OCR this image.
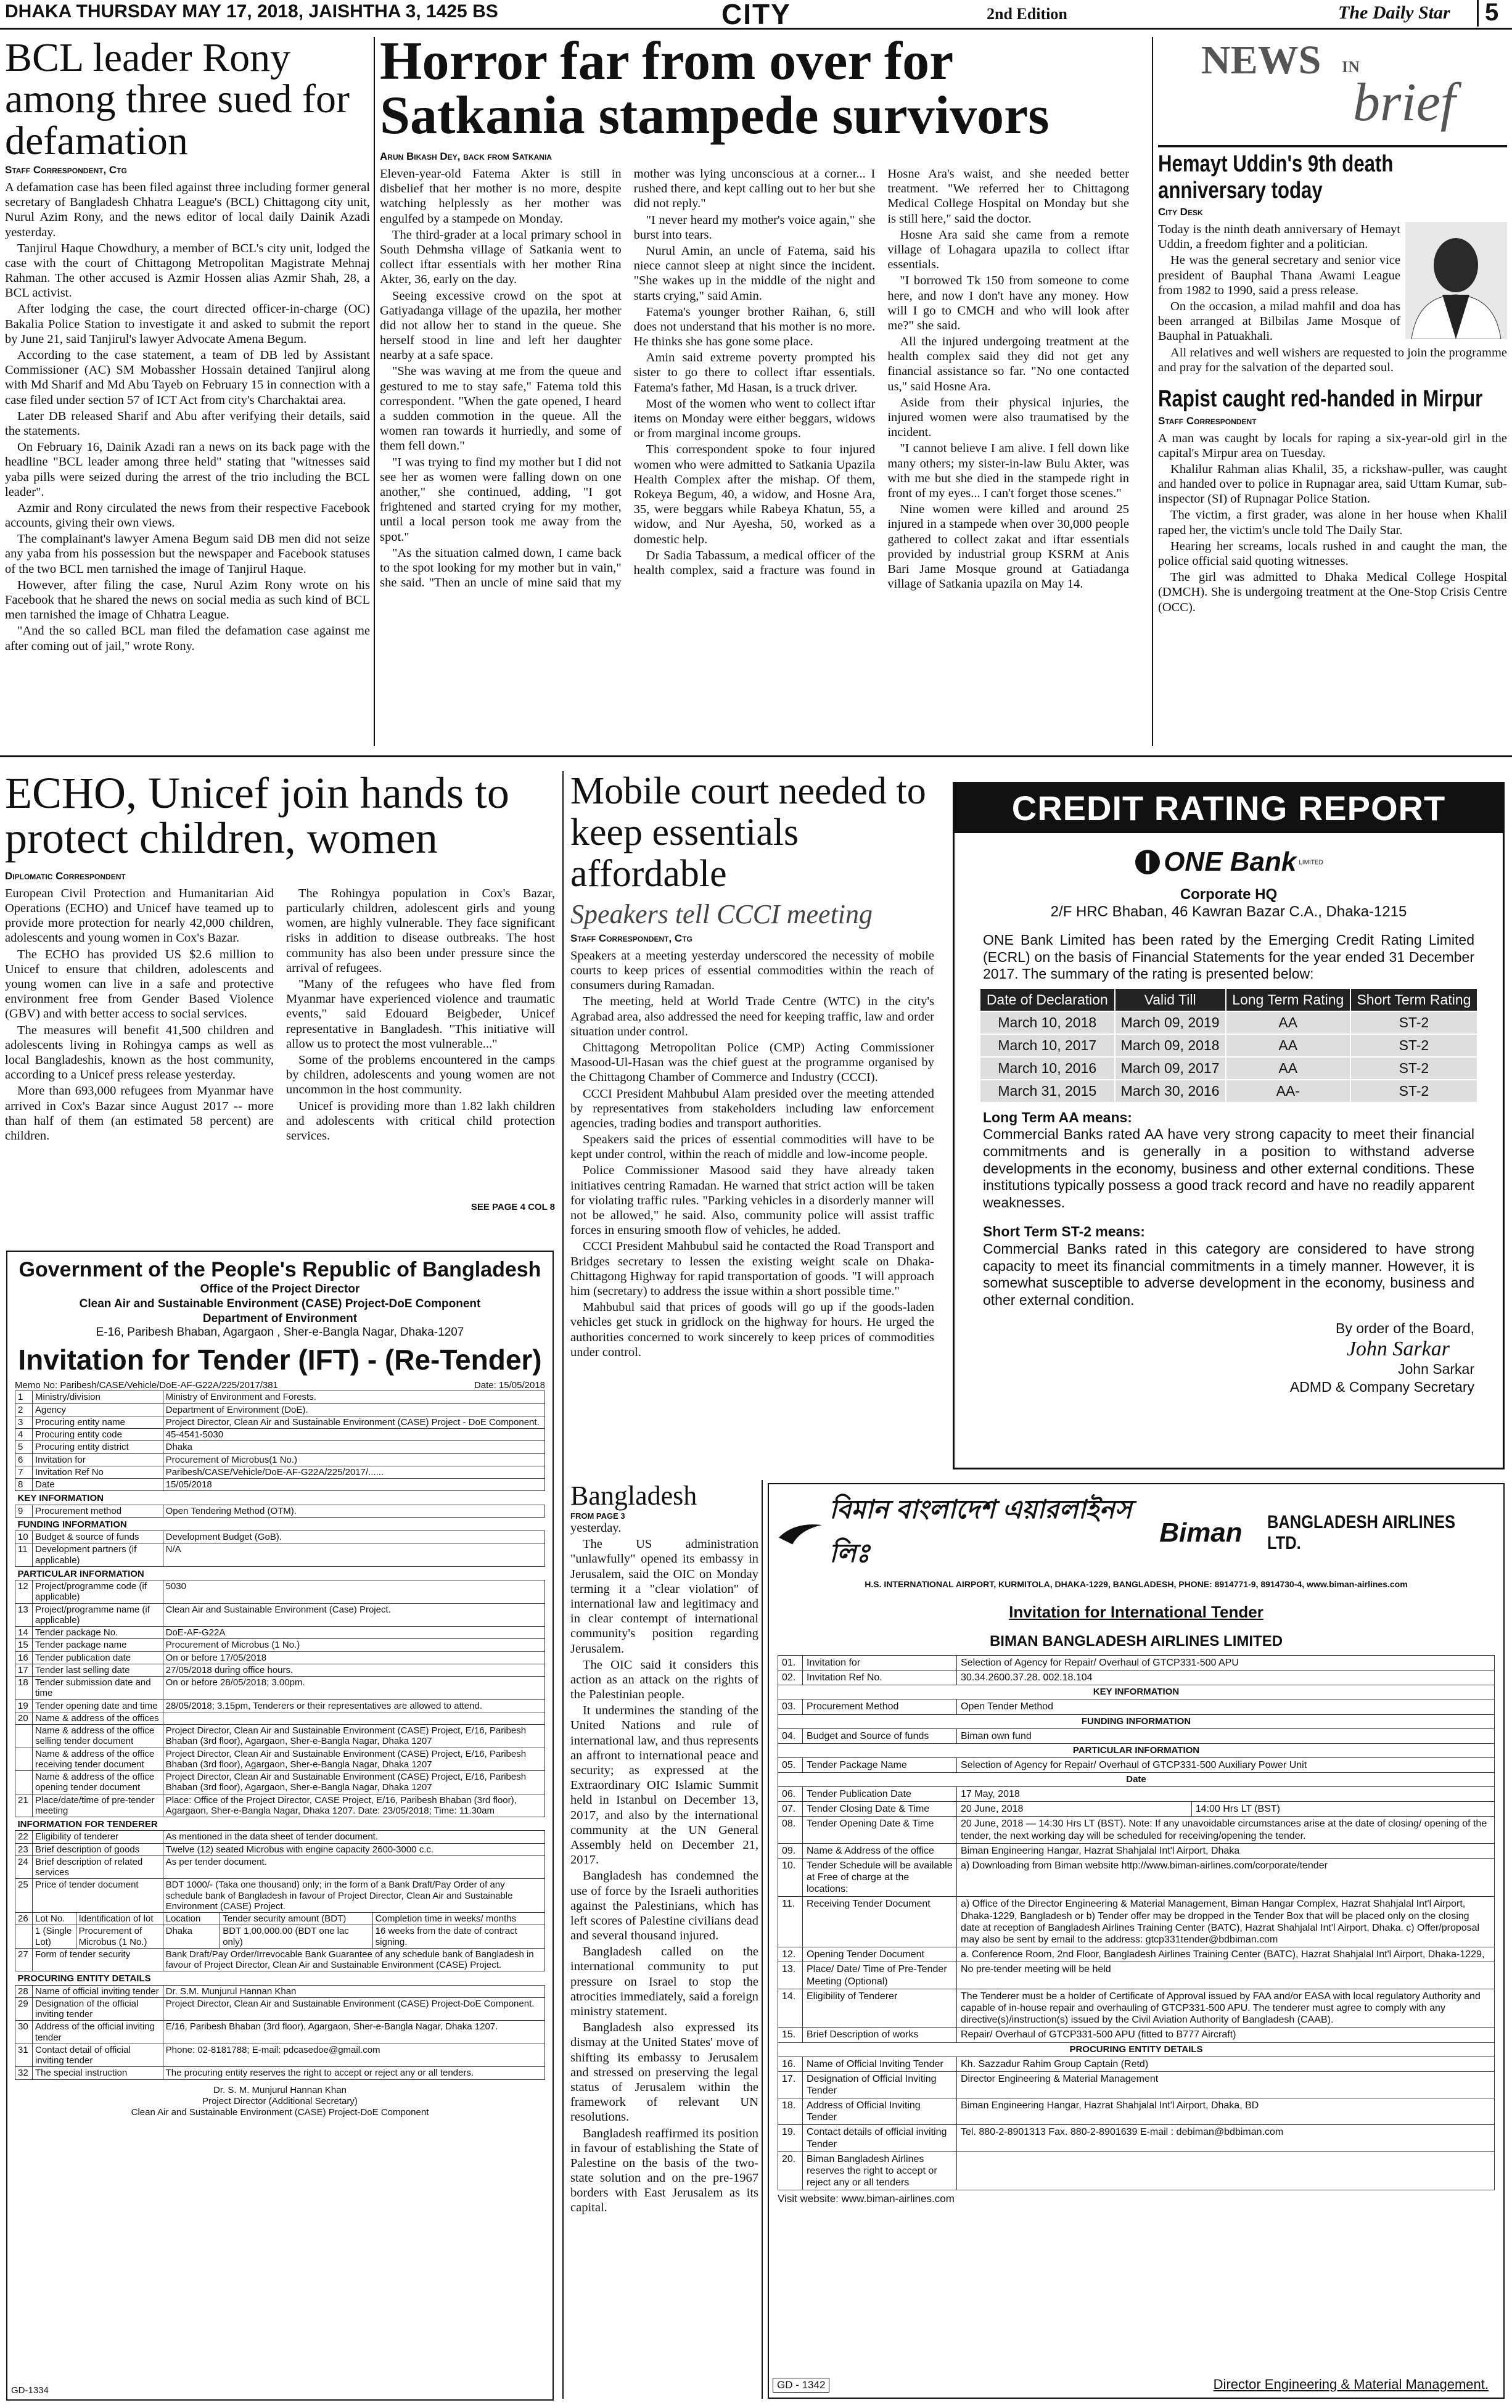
DHAKA THURSDAY MAY 17, 2018, JAISHTHA 3, 1425 BS	CITY	2nd Edition	The Daily Star	5
BCL leader Rony among three sued for defamation
Staff Correspondent, Ctg

A defamation case has been filed against three including former general secretary of Bangladesh Chhatra League's (BCL) Chittagong city unit, Nurul Azim Rony, and the news editor of local daily Dainik Azadi yesterday.

Tanjirul Haque Chowdhury, a member of BCL's city unit, lodged the case with the court of Chittagong Metropolitan Magistrate Mehnaj Rahman. The other accused is Azmir Hossen alias Azmir Shah, 28, a BCL activist.

After lodging the case, the court directed officer-in-charge (OC) Bakalia Police Station to investigate it and asked to submit the report by June 21, said Tanjirul's lawyer Advocate Amena Begum.

According to the case statement, a team of DB led by Assistant Commissioner (AC) SM Mobassher Hossain detained Tanjirul along with Md Sharif and Md Abu Tayeb on February 15 in connection with a case filed under section 57 of ICT Act from city's Charchaktai area.

Later DB released Sharif and Abu after verifying their details, said the statements.

On February 16, Dainik Azadi ran a news on its back page with the headline "BCL leader among three held" stating that "witnesses said yaba pills were seized during the arrest of the trio including the BCL leader".

Azmir and Rony circulated the news from their respective Facebook accounts, giving their own views.

The complainant's lawyer Amena Begum said DB men did not seize any yaba from his possession but the newspaper and Facebook statuses of the two BCL men tarnished the image of Tanjirul Haque.

However, after filing the case, Nurul Azim Rony wrote on his Facebook that he shared the news on social media as such kind of BCL men tarnished the image of Chhatra League.

"And the so called BCL man filed the defamation case against me after coming out of jail," wrote Rony.

Horror far from over for Satkania stampede survivors
Arun Bikash Dey, back from Satkania

Eleven-year-old Fatema Akter is still in disbelief that her mother is no more, despite watching helplessly as her mother was engulfed by a stampede on Monday.

The third-grader at a local primary school in South Dehmsha village of Satkania went to collect iftar essentials with her mother Rina Akter, 36, early on the day.

Seeing excessive crowd on the spot at Gatiyadanga village of the upazila, her mother did not allow her to stand in the queue. She herself stood in line and left her daughter nearby at a safe space.

"She was waving at me from the queue and gestured to me to stay safe," Fatema told this correspondent. "When the gate opened, I heard a sudden commotion in the queue. All the women ran towards it hurriedly, and some of them fell down."

"I was trying to find my mother but I did not see her as women were falling down on one another," she continued, adding, "I got frightened and started crying for my mother, until a local person took me away from the spot."

"As the situation calmed down, I came back to the spot looking for my mother but in vain," she said. "Then an uncle of mine said that my mother was lying unconscious at a corner... I rushed there, and kept calling out to her but she did not reply."

"I never heard my mother's voice again," she burst into tears.

Nurul Amin, an uncle of Fatema, said his niece cannot sleep at night since the incident. "She wakes up in the middle of the night and starts crying," said Amin.

Fatema's younger brother Raihan, 6, still does not understand that his mother is no more. He thinks she has gone some place.

Amin said extreme poverty prompted his sister to go there to collect iftar essentials. Fatema's father, Md Hasan, is a truck driver.

Most of the women who went to collect iftar items on Monday were either beggars, widows or from marginal income groups.

This correspondent spoke to four injured women who were admitted to Satkania Upazila Health Complex after the mishap. Of them, Rokeya Begum, 40, a widow, and Hosne Ara, 35, were beggars while Rabeya Khatun, 55, a widow, and Nur Ayesha, 50, worked as a domestic help.

Dr Sadia Tabassum, a medical officer of the health complex, said a fracture was found in Hosne Ara's waist, and she needed better treatment. "We referred her to Chittagong Medical College Hospital on Monday but she is still here," said the doctor.

Hosne Ara said she came from a remote village of Lohagara upazila to collect iftar essentials.

"I borrowed Tk 150 from someone to come here, and now I don't have any money. How will I go to CMCH and who will look after me?" she said.

All the injured undergoing treatment at the health complex said they did not get any financial assistance so far. "No one contacted us," said Hosne Ara.

Aside from their physical injuries, the injured women were also traumatised by the incident.

"I cannot believe I am alive. I fell down like many others; my sister-in-law Bulu Akter, was with me but she died in the stampede right in front of my eyes... I can't forget those scenes."

Nine women were killed and around 25 injured in a stampede when over 30,000 people gathered to collect zakat and iftar essentials provided by industrial group KSRM at Anis Bari Jame Mosque ground at Gatiadanga village of Satkania upazila on May 14.

NEWS IN
brief
Hemayt Uddin's 9th death anniversary today
City Desk

Today is the ninth death anniversary of Hemayt Uddin, a freedom fighter and a politician.

He was the general secretary and senior vice president of Bauphal Thana Awami League from 1982 to 1990, said a press release.

On the occasion, a milad mahfil and doa has been arranged at Bilbilas Jame Mosque of Bauphal in Patuakhali.

All relatives and well wishers are requested to join the programme and pray for the salvation of the departed soul.

Rapist caught red-handed in Mirpur
Staff Correspondent

A man was caught by locals for raping a six-year-old girl in the capital's Mirpur area on Tuesday.

Khalilur Rahman alias Khalil, 35, a rickshaw-puller, was caught and handed over to police in Rupnagar area, said Uttam Kumar, sub-inspector (SI) of Rupnagar Police Station.

The victim, a first grader, was alone in her house when Khalil raped her, the victim's uncle told The Daily Star.

Hearing her screams, locals rushed in and caught the man, the police official said quoting witnesses.

The girl was admitted to Dhaka Medical College Hospital (DMCH). She is undergoing treatment at the One-Stop Crisis Centre (OCC).

ECHO, Unicef join hands to protect children, women
Diplomatic Correspondent

European Civil Protection and Humanitarian Aid Operations (ECHO) and Unicef have teamed up to provide more protection for nearly 42,000 children, adolescents and young women in Cox's Bazar.

The ECHO has provided US $2.6 million to Unicef to ensure that children, adolescents and young women can live in a safe and protective environment free from Gender Based Violence (GBV) and with better access to social services.

The measures will benefit 41,500 children and adolescents living in Rohingya camps as well as local Bangladeshis, known as the host community, according to a Unicef press release yesterday.

More than 693,000 refugees from Myanmar have arrived in Cox's Bazar since August 2017 -- more than half of them (an estimated 58 percent) are children.

The Rohingya population in Cox's Bazar, particularly children, adolescent girls and young women, are highly vulnerable. They face significant risks in addition to disease outbreaks. The host community has also been under pressure since the arrival of refugees.

"Many of the refugees who have fled from Myanmar have experienced violence and traumatic events," said Edouard Beigbeder, Unicef representative in Bangladesh. "This initiative will allow us to protect the most vulnerable..."

Some of the problems encountered in the camps by children, adolescents and young women are not uncommon in the host community.

Unicef is providing more than 1.82 lakh children and adolescents with critical child protection services.

SEE PAGE 4 COL 8
Mobile court needed to keep essentials affordable
Speakers tell CCCI meeting
Staff Correspondent, Ctg

Speakers at a meeting yesterday underscored the necessity of mobile courts to keep prices of essential commodities within the reach of consumers during Ramadan.

The meeting, held at World Trade Centre (WTC) in the city's Agrabad area, also addressed the need for keeping traffic, law and order situation under control.

Chittagong Metropolitan Police (CMP) Acting Commissioner Masood-Ul-Hasan was the chief guest at the programme organised by the Chittagong Chamber of Commerce and Industry (CCCI).

CCCI President Mahbubul Alam presided over the meeting attended by representatives from stakeholders including law enforcement agencies, trading bodies and transport authorities.

Speakers said the prices of essential commodities will have to be kept under control, within the reach of middle and low-income people.

Police Commissioner Masood said they have already taken initiatives centring Ramadan. He warned that strict action will be taken for violating traffic rules. "Parking vehicles in a disorderly manner will not be allowed," he said. Also, community police will assist traffic forces in ensuring smooth flow of vehicles, he added.

CCCI President Mahbubul said he contacted the Road Transport and Bridges secretary to lessen the existing weight scale on Dhaka-Chittagong Highway for rapid transportation of goods. "I will approach him (secretary) to address the issue within a short possible time."

Mahbubul said that prices of goods will go up if the goods-laden vehicles get stuck in gridlock on the highway for hours. He urged the authorities concerned to work sincerely to keep prices of commodities under control.

CREDIT RATING REPORT
ONE Bank LIMITED
Corporate HQ
2/F HRC Bhaban, 46 Kawran Bazar C.A., Dhaka-1215
ONE Bank Limited has been rated by the Emerging Credit Rating Limited (ECRL) on the basis of Financial Statements for the year ended 31 December 2017. The summary of the rating is presented below:
Date of Declaration	Valid Till	Long Term Rating	Short Term Rating
March 10, 2018	March 09, 2019	AA	ST-2
March 10, 2017	March 09, 2018	AA	ST-2
March 10, 2016	March 09, 2017	AA	ST-2
March 31, 2015	March 30, 2016	AA-	ST-2
Long Term AA means:
Commercial Banks rated AA have very strong capacity to meet their financial commitments and is generally in a position to withstand adverse developments in the economy, business and other external conditions. These institutions typically possess a good track record and have no readily apparent weaknesses.
Short Term ST-2 means:
Commercial Banks rated in this category are considered to have strong capacity to meet its financial commitments in a timely manner. However, it is somewhat susceptible to adverse development in the economy, business and other external condition.
By order of the Board,
John Sarkar
John Sarkar
ADMD & Company Secretary
Government of the People's Republic of Bangladesh
Office of the Project Director
Clean Air and Sustainable Environment (CASE) Project-DoE Component
Department of Environment
E-16, Paribesh Bhaban, Agargaon , Sher-e-Bangla Nagar, Dhaka-1207
Invitation for Tender (IFT) - (Re-Tender)
Memo No: Paribesh/CASE/Vehicle/DoE-AF-G22A/225/2017/381	Date: 15/05/2018
1	Ministry/division		Ministry of Environment and Forests.		
2	Agency		Department of Environment (DoE).		
3	Procuring entity name		Project Director, Clean Air and Sustainable Environment (CASE) Project - DoE Component.		
4	Procuring entity code		45-4541-5030		
5	Procuring entity district		Dhaka		
6	Invitation for		Procurement of Microbus(1 No.)		
7	Invitation Ref No		Paribesh/CASE/Vehicle/DoE-AF-G22A/225/2017/......		
8	Date		15/05/2018		
KEY INFORMATION					
9	Procurement method		Open Tendering Method (OTM).		
FUNDING INFORMATION					
10	Budget & source of funds		Development Budget (GoB).		
11	Development partners (if applicable)		N/A		
PARTICULAR INFORMATION					
12	Project/programme code (if applicable)		5030		
13	Project/programme name (if applicable)		Clean Air and Sustainable Environment (Case) Project.		
14	Tender package No.		DoE-AF-G22A		
15	Tender package name		Procurement of Microbus (1 No.)		
16	Tender publication date		On or before 17/05/2018		
17	Tender last selling date		27/05/2018 during office hours.		
18	Tender submission date and time		On or before 28/05/2018; 3.00pm.		
19	Tender opening date and time		28/05/2018; 3.15pm, Tenderers or their representatives are allowed to attend.		
20	Name & address of the offices				
	Name & address of the office selling tender document		Project Director, Clean Air and Sustainable Environment (CASE) Project, E/16, Paribesh Bhaban (3rd floor), Agargaon, Sher-e-Bangla Nagar, Dhaka 1207		
	Name & address of the office receiving tender document		Project Director, Clean Air and Sustainable Environment (CASE) Project, E/16, Paribesh Bhaban (3rd floor), Agargaon, Sher-e-Bangla Nagar, Dhaka 1207		
	Name & address of the office opening tender document		Project Director, Clean Air and Sustainable Environment (CASE) Project, E/16, Paribesh Bhaban (3rd floor), Agargaon, Sher-e-Bangla Nagar, Dhaka 1207		
21	Place/date/time of pre-tender meeting		Place: Office of the Project Director, CASE Project, E/16, Paribesh Bhaban (3rd floor), Agargaon, Sher-e-Bangla Nagar, Dhaka 1207. Date: 23/05/2018; Time: 11.30am		
INFORMATION FOR TENDERER					
22	Eligibility of tenderer		As mentioned in the data sheet of tender document.		
23	Brief description of goods		Twelve (12) seated Microbus with engine capacity 2600-3000 c.c.		
24	Brief description of related services		As per tender document.		
25	Price of tender document		BDT 1000/- (Taka one thousand) only; in the form of a Bank Draft/Pay Order of any schedule bank of Bangladesh in favour of Project Director, Clean Air and Sustainable Environment (CASE) Project.		
26	Lot No.	Identification of lot	Location	Tender security amount (BDT)	Completion time in weeks/ months
	1 (Single Lot)	Procurement of Microbus (1 No.)	Dhaka	BDT 1,00,000.00 (BDT one lac only)	16 weeks from the date of contract signing.
27	Form of tender security		Bank Draft/Pay Order/Irrevocable Bank Guarantee of any schedule bank of Bangladesh in favour of Project Director, Clean Air and Sustainable Environment (CASE) Project.		
PROCURING ENTITY DETAILS					
28	Name of official inviting tender		Dr. S.M. Munjurul Hannan Khan		
29	Designation of the official inviting tender		Project Director, Clean Air and Sustainable Environment (CASE) Project-DoE Component.		
30	Address of the official inviting tender		E/16, Paribesh Bhaban (3rd floor), Agargaon, Sher-e-Bangla Nagar, Dhaka 1207.		
31	Contact detail of official inviting tender		Phone: 02-8181788; E-mail: pdcasedoe@gmail.com		
32	The special instruction		The procuring entity reserves the right to accept or reject any or all tenders.		
Dr. S. M. Munjurul Hannan Khan
Project Director (Additional Secretary)
Clean Air and Sustainable Environment (CASE) Project-DoE Component
GD-1334
Bangladesh
FROM PAGE 3

yesterday.

The US administration "unlawfully" opened its embassy in Jerusalem, said the OIC on Monday terming it a "clear violation" of international law and legitimacy and in clear contempt of international community's position regarding Jerusalem.

The OIC said it considers this action as an attack on the rights of the Palestinian people.

It undermines the standing of the United Nations and rule of international law, and thus represents an affront to international peace and security; as expressed at the Extraordinary OIC Islamic Summit held in Istanbul on December 13, 2017, and also by the international community at the UN General Assembly held on December 21, 2017.

Bangladesh has condemned the use of force by the Israeli authorities against the Palestinians, which has left scores of Palestine civilians dead and several thousand injured.

Bangladesh called on the international community to put pressure on Israel to stop the atrocities immediately, said a foreign ministry statement.

Bangladesh also expressed its dismay at the United States' move of shifting its embassy to Jerusalem and stressed on preserving the legal status of Jerusalem within the framework of relevant UN resolutions.

Bangladesh reaffirmed its position in favour of establishing the State of Palestine on the basis of the two-state solution and on the pre-1967 borders with East Jerusalem as its capital.

বিমান বাংলাদেশ এয়ারলাইনস লিঃ
Biman BANGLADESH AIRLINES LTD.
H.S. INTERNATIONAL AIRPORT, KURMITOLA, DHAKA-1229, BANGLADESH, PHONE: 8914771-9, 8914730-4, www.biman-airlines.com
Invitation for International Tender
BIMAN BANGLADESH AIRLINES LIMITED
01.	Invitation for	Selection of Agency for Repair/ Overhaul of GTCP331-500 APU	
02.	Invitation Ref No.	30.34.2600.37.28. 002.18.104	
KEY INFORMATION			
03.	Procurement Method	Open Tender Method	
FUNDING INFORMATION			
04.	Budget and Source of funds	Biman own fund	
PARTICULAR INFORMATION			
05.	Tender Package Name	Selection of Agency for Repair/ Overhaul of GTCP331-500 Auxiliary Power Unit	
Date			
06.	Tender Publication Date	17 May, 2018	
07.	Tender Closing Date & Time	20 June, 2018	14:00 Hrs LT (BST)
08.	Tender Opening Date & Time	20 June, 2018 — 14:30 Hrs LT (BST). Note: If any unavoidable circumstances arise at the date of closing/ opening of the tender, the next working day will be scheduled for receiving/opening the tender.	
09.	Name & Address of the office	Biman Engineering Hangar, Hazrat Shahjalal Int'l Airport, Dhaka	
10.	Tender Schedule will be available at Free of charge at the locations:	a) Downloading from Biman website http://www.biman-airlines.com/corporate/tender	
11.	Receiving Tender Document	a) Office of the Director Engineering & Material Management, Biman Hangar Complex, Hazrat Shahjalal Int'l Airport, Dhaka-1229, Bangladesh or b) Tender offer may be dropped in the Tender Box that will be placed only on the closing date at reception of Bangladesh Airlines Training Center (BATC), Hazrat Shahjalal Int'l Airport, Dhaka. c) Offer/proposal may also be sent by email to the address: gtcp331tender@bdbiman.com	
12.	Opening Tender Document	a. Conference Room, 2nd Floor, Bangladesh Airlines Training Center (BATC), Hazrat Shahjalal Int'l Airport, Dhaka-1229,	
13.	Place/ Date/ Time of Pre-Tender Meeting (Optional)	No pre-tender meeting will be held	
14.	Eligibility of Tenderer	The Tenderer must be a holder of Certificate of Approval issued by FAA and/or EASA with local regulatory Authority and capable of in-house repair and overhauling of GTCP331-500 APU. The tenderer must agree to comply with any directive(s)/instruction(s) issued by the Civil Aviation Authority of Bangladesh (CAAB).	
15.	Brief Description of works	Repair/ Overhaul of GTCP331-500 APU (fitted to B777 Aircraft)	
PROCURING ENTITY DETAILS			
16.	Name of Official Inviting Tender	Kh. Sazzadur Rahim Group Captain (Retd)	
17.	Designation of Official Inviting Tender	Director Engineering & Material Management	
18.	Address of Official Inviting Tender	Biman Engineering Hangar, Hazrat Shahjalal Int'l Airport, Dhaka, BD	
19.	Contact details of official inviting Tender	Tel. 880-2-8901313 Fax. 880-2-8901639 E-mail : debiman@bdbiman.com	
20.	Biman Bangladesh Airlines reserves the right to accept or reject any or all tenders		
Visit website: www.biman-airlines.com
GD - 1342	Director Engineering & Material Management.
